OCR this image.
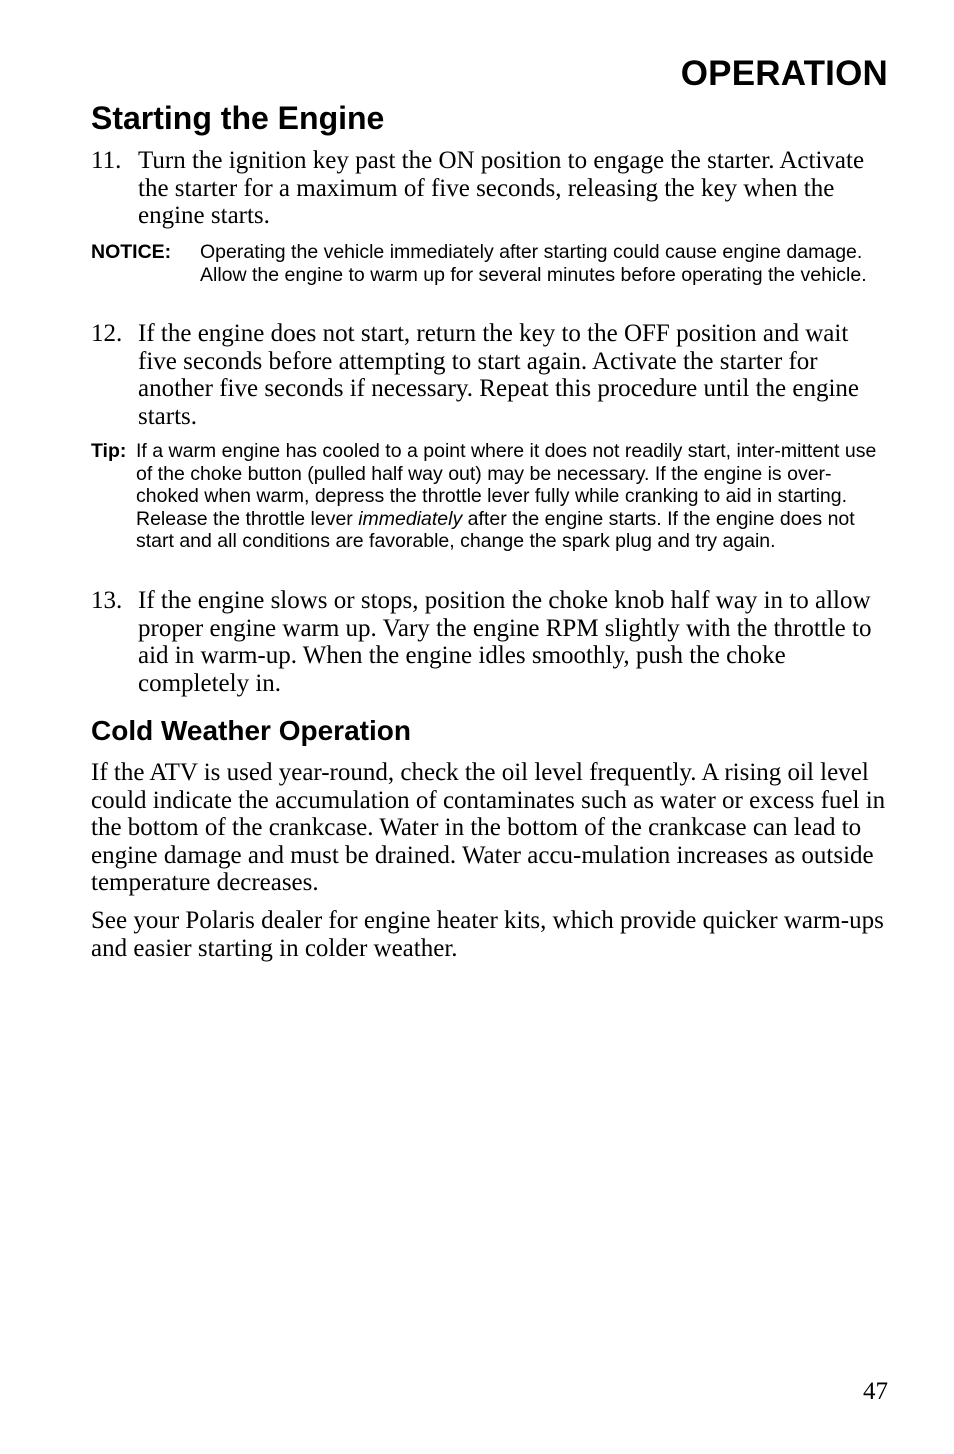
OPERATION
Starting the Engine
11. Turn the ignition key past the ON position to engage the starter. Activate the starter for a maximum of five seconds, releasing the key when the engine starts.
NOTICE:	Operating the vehicle immediately after starting could cause engine damage. Allow the engine to warm up for several minutes before operating the vehicle.
12. If the engine does not start, return the key to the OFF position and wait five seconds before attempting to start again. Activate the starter for another five seconds if necessary. Repeat this procedure until the engine starts.
Tip: If a warm engine has cooled to a point where it does not readily start, inter-mittent use of the choke button (pulled half way out) may be necessary. If the engine is over-choked when warm, depress the throttle lever fully while cranking to aid in starting. Release the throttle lever immediately after the engine starts. If the engine does not start and all conditions are favorable, change the spark plug and try again.
13. If the engine slows or stops, position the choke knob half way in to allow proper engine warm up. Vary the engine RPM slightly with the throttle to aid in warm-up. When the engine idles smoothly, push the choke completely in.
Cold Weather Operation
If the ATV is used year-round, check the oil level frequently. A rising oil level could indicate the accumulation of contaminates such as water or excess fuel in the bottom of the crankcase. Water in the bottom of the crankcase can lead to engine damage and must be drained. Water accu-mulation increases as outside temperature decreases.
See your Polaris dealer for engine heater kits, which provide quicker warm-ups and easier starting in colder weather.
47
